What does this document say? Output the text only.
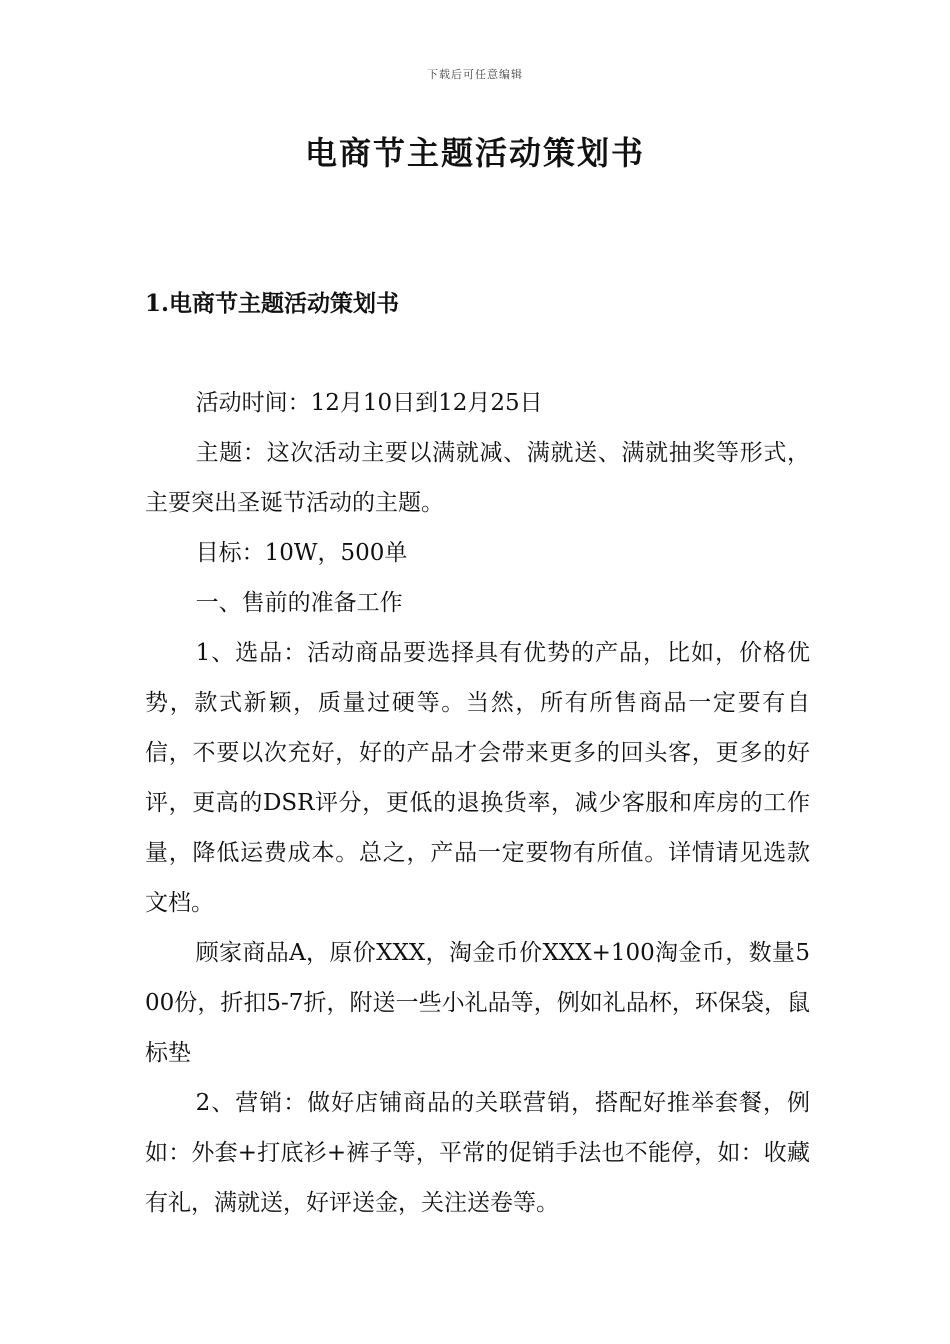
下载后可任意编辑
电商节主题活动策划书
1.电商节主题活动策划书

活动时间：12月10日到12月25日

主题：这次活动主要以满就减、满就送、满就抽奖等形式，主要突出圣诞节活动的主题。

目标：10W，500单

一、售前的准备工作

1、选品：活动商品要选择具有优势的产品，比如，价格优势，款式新颖，质量过硬等。当然，所有所售商品一定要有自信，不要以次充好，好的产品才会带来更多的回头客，更多的好评，更高的DSR评分，更低的退换货率，减少客服和库房的工作量，降低运费成本。总之，产品一定要物有所值。详情请见选款文档。

顾家商品A，原价XXX，淘金币价XXX+100淘金币，数量500份，折扣5-7折，附送一些小礼品等，例如礼品杯，环保袋，鼠标垫

2、营销：做好店铺商品的关联营销，搭配好推举套餐，例如：外套+打底衫+裤子等，平常的促销手法也不能停，如：收藏有礼，满就送，好评送金，关注送卷等。
